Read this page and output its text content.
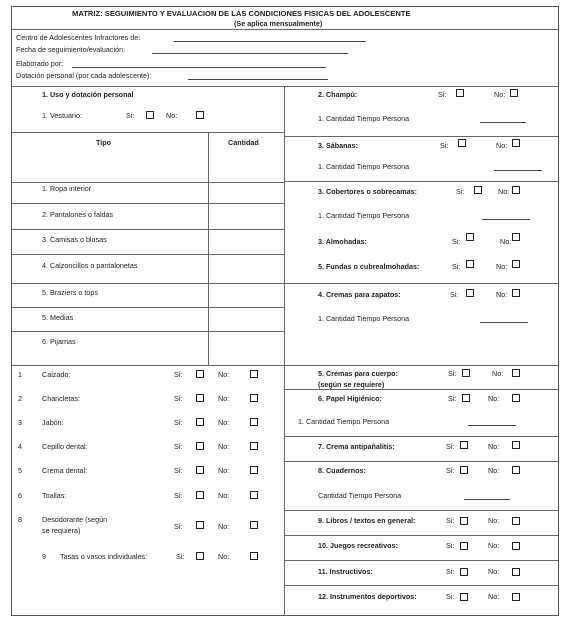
MATRIZ: SEGUIMIENTO Y EVALUACION DE LAS CONDICIONES FISICAS DEL ADOLESCENTE
(Se aplica mensualmente)
Centro de Adolescentes Infractores de:
Fecha de seguimiento/evaluación:
Elaborado por:
Dotación personal (por cada adolescente):
1. Uso y dotación personal
1. Vestuario:	Si:	No:
Tipo	Cantidad
1. Ropa interior
2. Pantalones o faldas
3. Camisas o blusas
4. Calzoncillos o pantalonetas
5. Braziers o tops
5. Medias
6. Pijamas
1	Calzado:	Si:	No:
2	Chancletas:	Si:	No:
3	Jabón:	Si:	No:
4	Cepillo dental:	Si:	No:
5	Crema dental:	Si:	No:
6	Toallas:	Si:	No:
8	Desodorante (según
se requiera)	Si:	No:
9 Tasas o vasos individuales:	Si:	No:
2. Champú:	Si:	No:
1. Cantidad Tiempo Persona
3. Sábanas:	Si:	No:
1. Cantidad Tiempo Persona
3. Cobertores o sobrecamas:	Si:	No:
1. Cantidad Tiempo Persona
3. Almohadas:	Si:	No:
5. Fundas o cubrealmohadas:	Si:	No:
4. Cremas para zapatos:	Si:	No:
1. Cantidad Tiempo Persona
5. Cremas para cuerpo:
(según se requiere)
Si:	No:
6. Papel Higiénico:	Si:	No:
1. Cantidad Tiempo Persona
7. Crema antipañalitis:	Si:	No:
8. Cuadernos:	Si:	No:
Cantidad Tiempo Persona
9. Libros / textos en general:	Si:	No:
10. Juegos recreativos:	Si:	No:
11. Instructivos:	Si:	No:
12. Instrumentos deportivos:	Si:	No:
